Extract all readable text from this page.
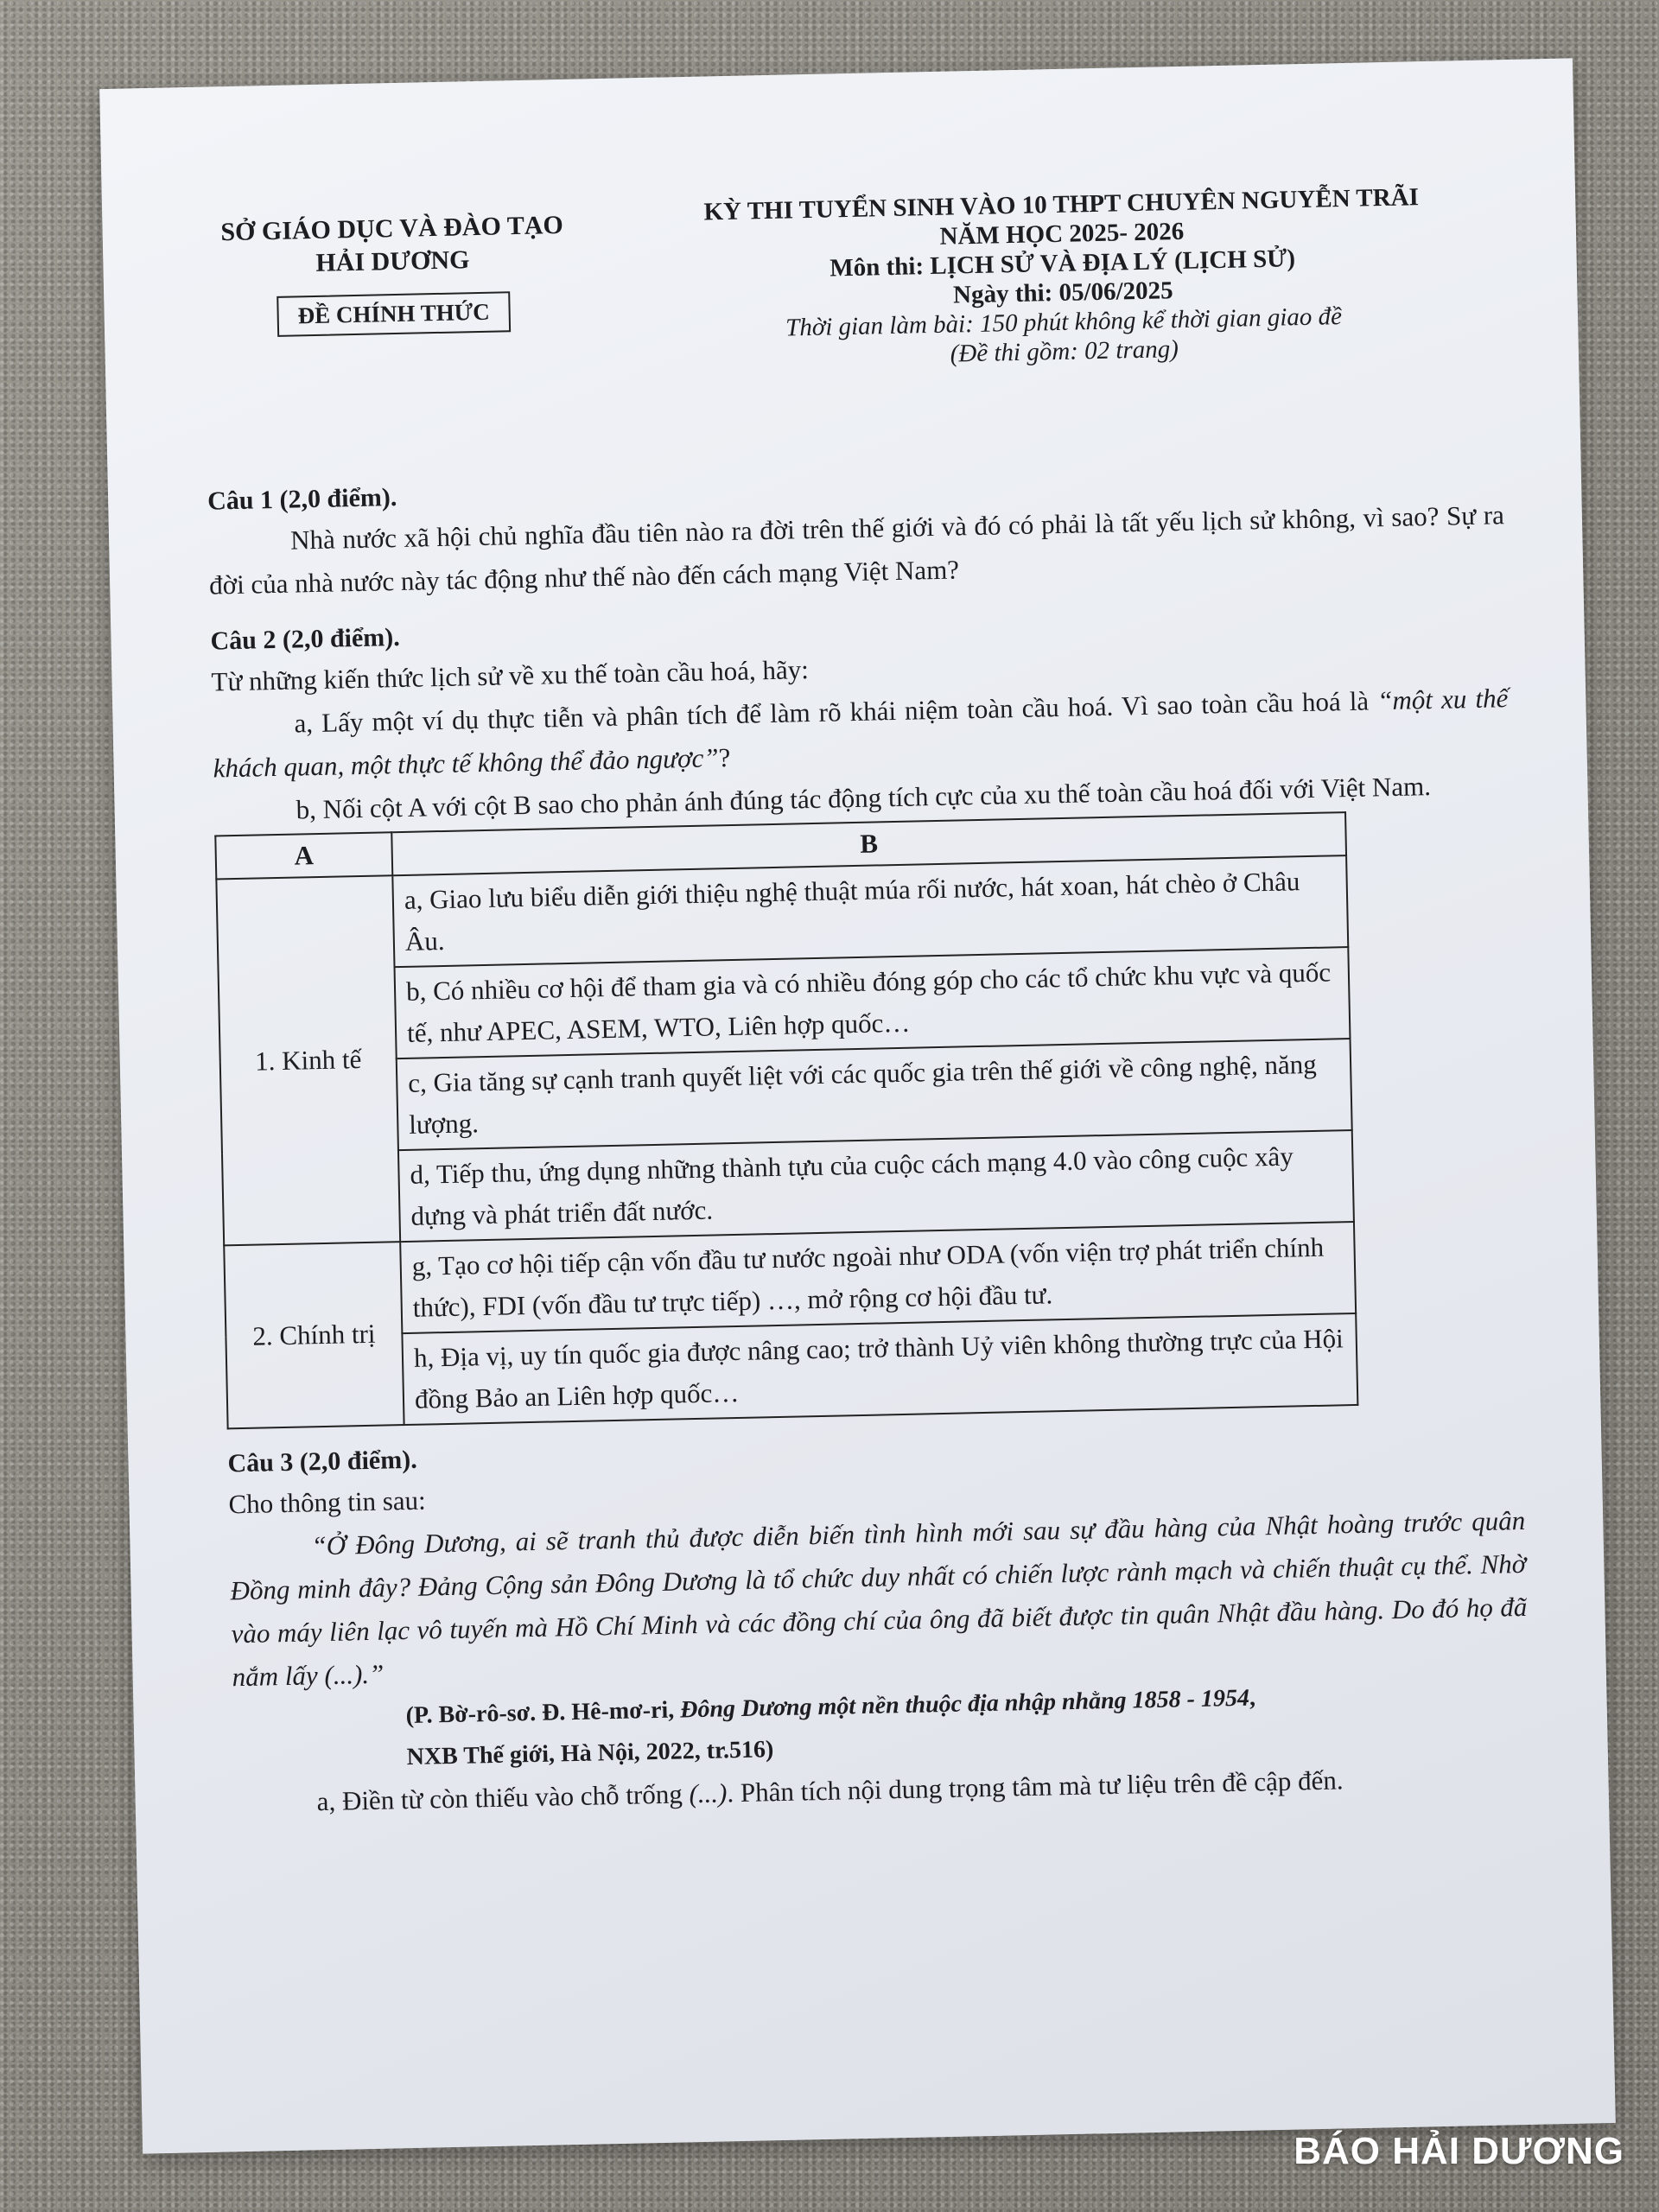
SỞ GIÁO DỤC VÀ ĐÀO TẠO
HẢI DƯƠNG
ĐỀ CHÍNH THỨC
KỲ THI TUYỂN SINH VÀO 10 THPT CHUYÊN NGUYỄN TRÃI
NĂM HỌC 2025- 2026
Môn thi: LỊCH SỬ VÀ ĐỊA LÝ (LỊCH SỬ)
Ngày thi: 05/06/2025
Thời gian làm bài: 150 phút không kể thời gian giao đề
(Đề thi gồm: 02 trang)
Câu 1 (2,0 điểm).

Nhà nước xã hội chủ nghĩa đầu tiên nào ra đời trên thế giới và đó có phải là tất yếu lịch sử không, vì sao? Sự ra đời của nhà nước này tác động như thế nào đến cách mạng Việt Nam?

Câu 2 (2,0 điểm).

Từ những kiến thức lịch sử về xu thế toàn cầu hoá, hãy:

a, Lấy một ví dụ thực tiễn và phân tích để làm rõ khái niệm toàn cầu hoá. Vì sao toàn cầu hoá là “một xu thế khách quan, một thực tế không thể đảo ngược”?

b, Nối cột A với cột B sao cho phản ánh đúng tác động tích cực của xu thế toàn cầu hoá đối với Việt Nam.

A	B
1. Kinh tế	a, Giao lưu biểu diễn giới thiệu nghệ thuật múa rối nước, hát xoan, hát chèo ở Châu Âu.
	b, Có nhiều cơ hội để tham gia và có nhiều đóng góp cho các tổ chức khu vực và quốc tế, như APEC, ASEM, WTO, Liên hợp quốc…
	c, Gia tăng sự cạnh tranh quyết liệt với các quốc gia trên thế giới về công nghệ, năng lượng.
	d, Tiếp thu, ứng dụng những thành tựu của cuộc cách mạng 4.0 vào công cuộc xây dựng và phát triển đất nước.
2. Chính trị	g, Tạo cơ hội tiếp cận vốn đầu tư nước ngoài như ODA (vốn viện trợ phát triển chính thức), FDI (vốn đầu tư trực tiếp) …, mở rộng cơ hội đầu tư.
	h, Địa vị, uy tín quốc gia được nâng cao; trở thành Uỷ viên không thường trực của Hội đồng Bảo an Liên hợp quốc…
Câu 3 (2,0 điểm).

Cho thông tin sau:

“Ở Đông Dương, ai sẽ tranh thủ được diễn biến tình hình mới sau sự đầu hàng của Nhật hoàng trước quân Đồng minh đây? Đảng Cộng sản Đông Dương là tổ chức duy nhất có chiến lược rành mạch và chiến thuật cụ thể. Nhờ vào máy liên lạc vô tuyến mà Hồ Chí Minh và các đồng chí của ông đã biết được tin quân Nhật đầu hàng. Do đó họ đã nắm lấy (...).”

(P. Bờ-rô-sơ. Đ. Hê-mơ-ri, Đông Dương một nền thuộc địa nhập nhằng 1858 - 1954,
NXB Thế giới, Hà Nội, 2022, tr.516)

a, Điền từ còn thiếu vào chỗ trống (...). Phân tích nội dung trọng tâm mà tư liệu trên đề cập đến.

BÁO HẢI DƯƠNG
